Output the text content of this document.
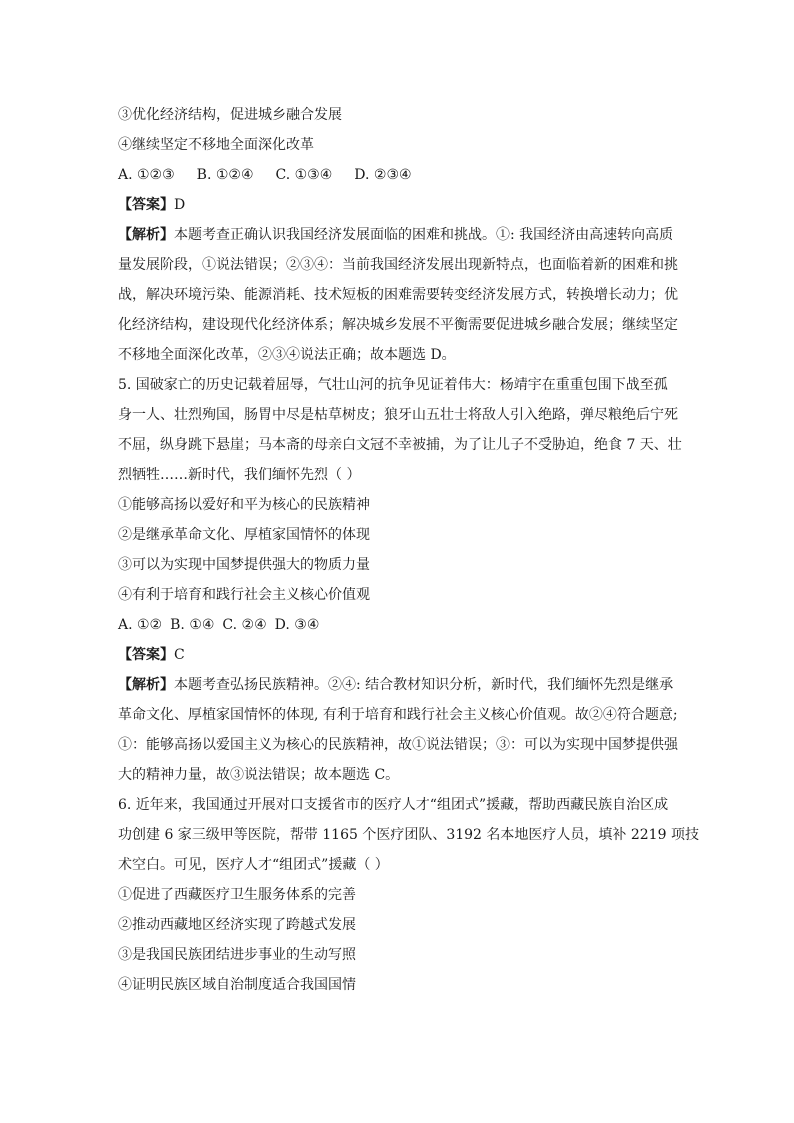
③优化经济结构，促进城乡融合发展
④继续坚定不移地全面深化改革
A. ①②③ B. ①②④ C. ①③④ D. ②③④
【答案】D
【解析】本题考查正确认识我国经济发展面临的困难和挑战。①: 我国经济由高速转向高质
量发展阶段，①说法错误；②③④：当前我国经济发展出现新特点，也面临着新的困难和挑
战，解决环境污染、能源消耗、技术短板的困难需要转变经济发展方式，转换增长动力；优
化经济结构，建设现代化经济体系；解决城乡发展不平衡需要促进城乡融合发展；继续坚定
不移地全面深化改革，②③④说法正确；故本题选 D。
5. 国破家亡的历史记载着屈辱，气壮山河的抗争见证着伟大：杨靖宇在重重包围下战至孤
身一人、壮烈殉国，肠胃中尽是枯草树皮；狼牙山五壮士将敌人引入绝路，弹尽粮绝后宁死
不屈，纵身跳下悬崖；马本斋的母亲白文冠不幸被捕，为了让儿子不受胁迫，绝食 7 天、壮
烈牺牲……新时代，我们缅怀先烈（ ）
①能够高扬以爱好和平为核心的民族精神
②是继承革命文化、厚植家国情怀的体现
③可以为实现中国梦提供强大的物质力量
④有利于培育和践行社会主义核心价值观
A. ①② B. ①④ C. ②④ D. ③④
【答案】C
【解析】本题考查弘扬民族精神。②④: 结合教材知识分析，新时代，我们缅怀先烈是继承
革命文化、厚植家国情怀的体现, 有利于培育和践行社会主义核心价值观。故②④符合题意;
①：能够高扬以爱国主义为核心的民族精神，故①说法错误；③：可以为实现中国梦提供强
大的精神力量，故③说法错误；故本题选 C。
6. 近年来，我国通过开展对口支援省市的医疗人才“组团式”援藏，帮助西藏民族自治区成
功创建 6 家三级甲等医院，帮带 1165 个医疗团队、3192 名本地医疗人员，填补 2219 项技
术空白。可见，医疗人才“组团式”援藏（ ）
①促进了西藏医疗卫生服务体系的完善
②推动西藏地区经济实现了跨越式发展
③是我国民族团结进步事业的生动写照
④证明民族区域自治制度适合我国国情
